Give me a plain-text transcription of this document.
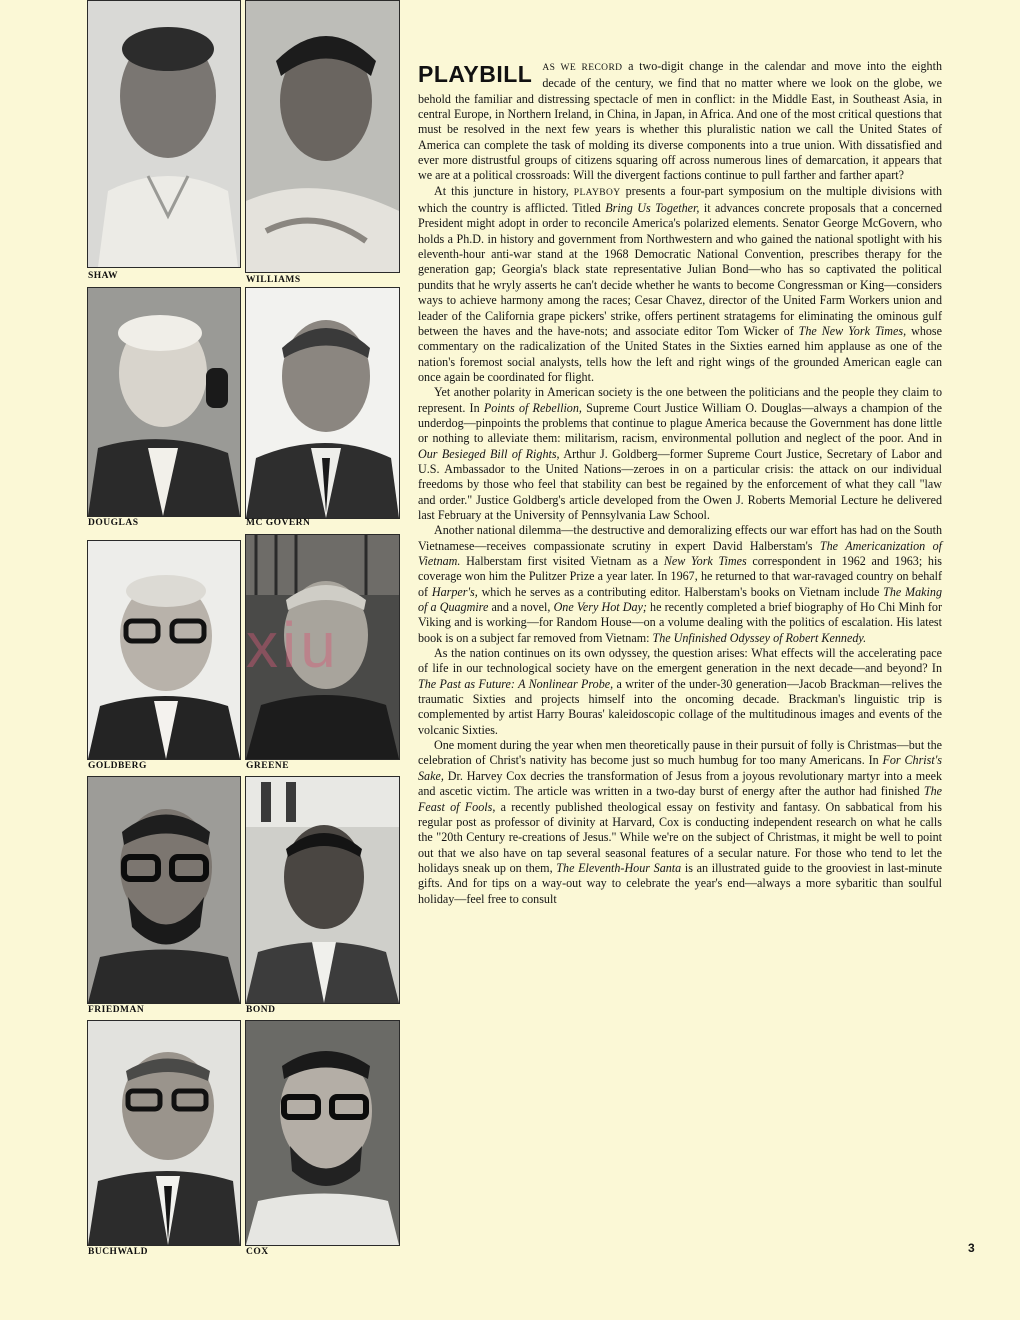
SHAW	WILLIAMS
DOUGLAS	MC GOVERN
GOLDBERG	GREENE
FRIEDMAN	BOND
BUCHWALD	COX

PLAYBILL AS WE RECORD a two-digit change in the calendar and move into the eighth decade of the century, we find that no matter where we look on the globe, we behold the familiar and distressing spectacle of men in conflict: in the Middle East, in Southeast Asia, in central Europe, in Northern Ireland, in China, in Japan, in Africa. And one of the most critical questions that must be resolved in the next few years is whether this pluralistic nation we call the United States of America can complete the task of molding its diverse components into a true union. With dissatisfied and ever more distrustful groups of citizens squaring off across numerous lines of demarcation, it appears that we are at a political crossroads: Will the divergent factions continue to pull farther and farther apart?

At this juncture in history, PLAYBOY presents a four-part symposium on the multiple divisions with which the country is afflicted. Titled Bring Us Together, it advances concrete proposals that a concerned President might adopt in order to reconcile America's polarized elements. Senator George McGovern, who holds a Ph.D. in history and government from Northwestern and who gained the national spotlight with his eleventh-hour anti-war stand at the 1968 Democratic National Convention, prescribes therapy for the generation gap; Georgia's black state representative Julian Bond—who has so captivated the political pundits that he wryly asserts he can't decide whether he wants to become Congressman or King—considers ways to achieve harmony among the races; Cesar Chavez, director of the United Farm Workers union and leader of the California grape pickers' strike, offers pertinent stratagems for eliminating the ominous gulf between the haves and the have-nots; and associate editor Tom Wicker of The New York Times, whose commentary on the radicalization of the United States in the Sixties earned him applause as one of the nation's foremost social analysts, tells how the left and right wings of the grounded American eagle can once again be coordinated for flight.

Yet another polarity in American society is the one between the politicians and the people they claim to represent. In Points of Rebellion, Supreme Court Justice William O. Douglas—always a champion of the underdog—pinpoints the problems that continue to plague America because the Government has done little or nothing to alleviate them: militarism, racism, environmental pollution and neglect of the poor. And in Our Besieged Bill of Rights, Arthur J. Goldberg—former Supreme Court Justice, Secretary of Labor and U.S. Ambassador to the United Nations—zeroes in on a particular crisis: the attack on our individual freedoms by those who feel that stability can best be regained by the enforcement of what they call "law and order." Justice Goldberg's article developed from the Owen J. Roberts Memorial Lecture he delivered last February at the University of Pennsylvania Law School.

Another national dilemma—the destructive and demoralizing effects our war effort has had on the South Vietnamese—receives compassionate scrutiny in expert David Halberstam's The Americanization of Vietnam. Halberstam first visited Vietnam as a New York Times correspondent in 1962 and 1963; his coverage won him the Pulitzer Prize a year later. In 1967, he returned to that war-ravaged country on behalf of Harper's, which he serves as a contributing editor. Halberstam's books on Vietnam include The Making of a Quagmire and a novel, One Very Hot Day; he recently completed a brief biography of Ho Chi Minh for Viking and is working—for Random House—on a volume dealing with the politics of escalation. His latest book is on a subject far removed from Vietnam: The Unfinished Odyssey of Robert Kennedy.

As the nation continues on its own odyssey, the question arises: What effects will the accelerating pace of life in our technological society have on the emergent generation in the next decade—and beyond? In The Past as Future: A Nonlinear Probe, a writer of the under-30 generation—Jacob Brackman—relives the traumatic Sixties and projects himself into the oncoming decade. Brackman's linguistic trip is complemented by artist Harry Bouras' kaleidoscopic collage of the multitudinous images and events of the volcanic Sixties.

One moment during the year when men theoretically pause in their pursuit of folly is Christmas—but the celebration of Christ's nativity has become just so much humbug for too many Americans. In For Christ's Sake, Dr. Harvey Cox decries the transformation of Jesus from a joyous revolutionary martyr into a meek and ascetic victim. The article was written in a two-day burst of energy after the author had finished The Feast of Fools, a recently published theological essay on festivity and fantasy. On sabbatical from his regular post as professor of divinity at Harvard, Cox is conducting independent research on what he calls the "20th Century re-creations of Jesus." While we're on the subject of Christmas, it might be well to point out that we also have on tap several seasonal features of a secular nature. For those who tend to let the holidays sneak up on them, The Eleventh-Hour Santa is an illustrated guide to the grooviest in last-minute gifts. And for tips on a way-out way to celebrate the year's end—always a more sybaritic than soulful holiday—feel free to consult

3
xiu
